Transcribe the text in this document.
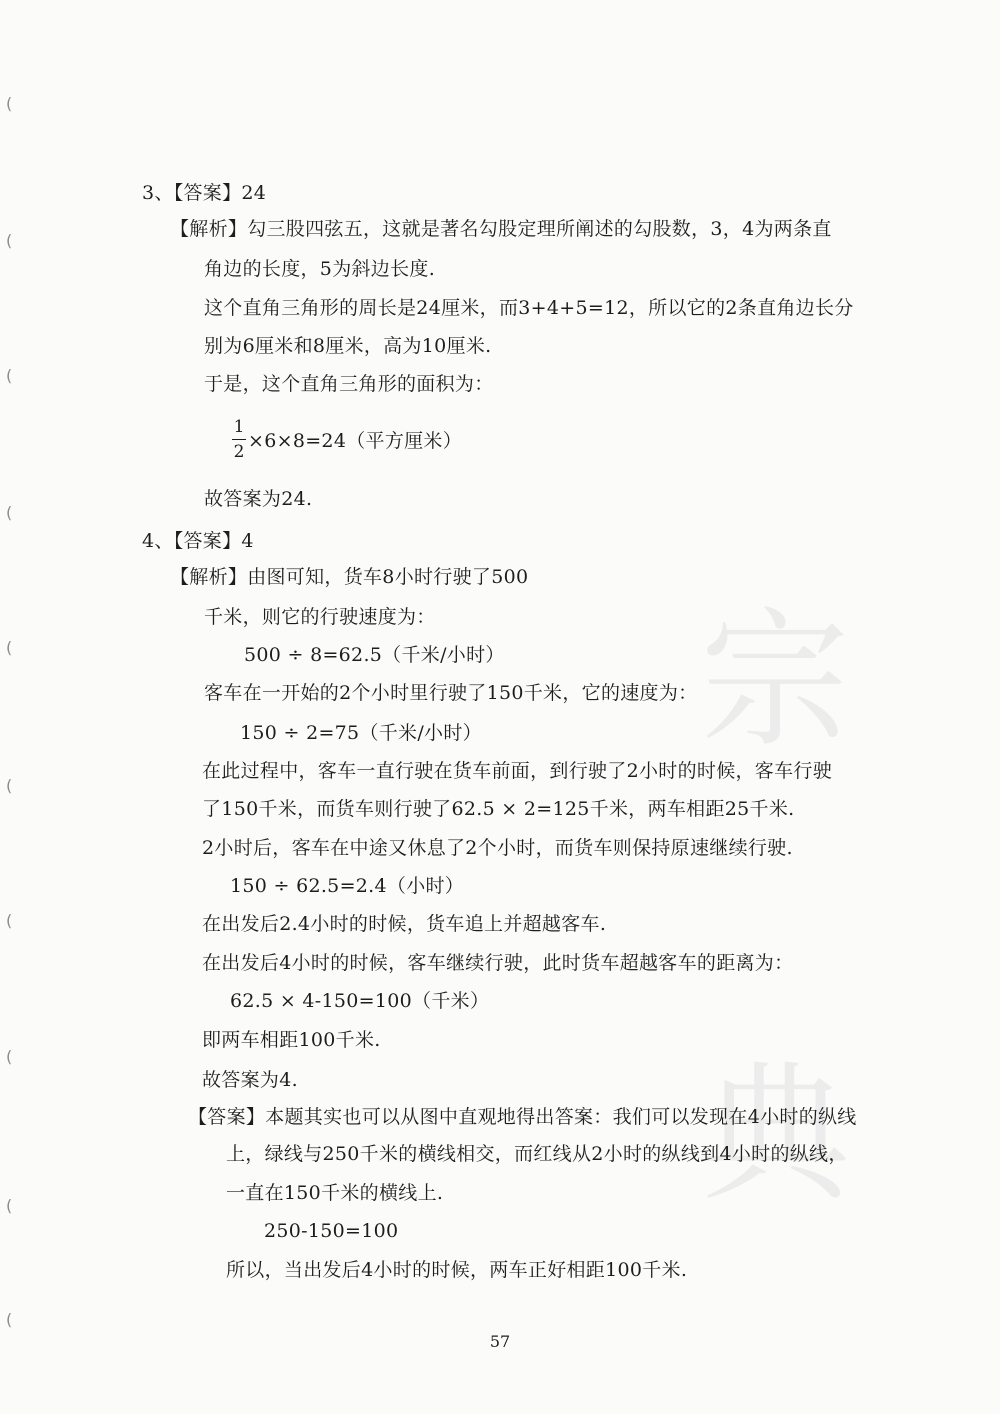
(
(
(
(
(
(
(
(
(
(
宗
典
3、【答案】24
【解析】勾三股四弦五，这就是著名勾股定理所阐述的勾股数，3，4为两条直
角边的长度，5为斜边长度.
这个直角三角形的周长是24厘米，而3+4+5=12，所以它的2条直角边长分
别为6厘米和8厘米，高为10厘米.
于是，这个直角三角形的面积为：
1
2 ×6×8=24（平方厘米）
故答案为24.
4、【答案】4
【解析】由图可知，货车8小时行驶了500
千米，则它的行驶速度为：
500 ÷ 8=62.5（千米/小时）
客车在一开始的2个小时里行驶了150千米，它的速度为：
150 ÷ 2=75（千米/小时）
在此过程中，客车一直行驶在货车前面，到行驶了2小时的时候，客车行驶
了150千米，而货车则行驶了62.5 × 2=125千米，两车相距25千米.
2小时后，客车在中途又休息了2个小时，而货车则保持原速继续行驶.
150 ÷ 62.5=2.4（小时）
在出发后2.4小时的时候，货车追上并超越客车.
在出发后4小时的时候，客车继续行驶，此时货车超越客车的距离为：
62.5 × 4-150=100（千米）
即两车相距100千米.
故答案为4.
【答案】本题其实也可以从图中直观地得出答案：我们可以发现在4小时的纵线
上，绿线与250千米的横线相交，而红线从2小时的纵线到4小时的纵线，
一直在150千米的横线上.
250-150=100
所以，当出发后4小时的时候，两车正好相距100千米.
57
